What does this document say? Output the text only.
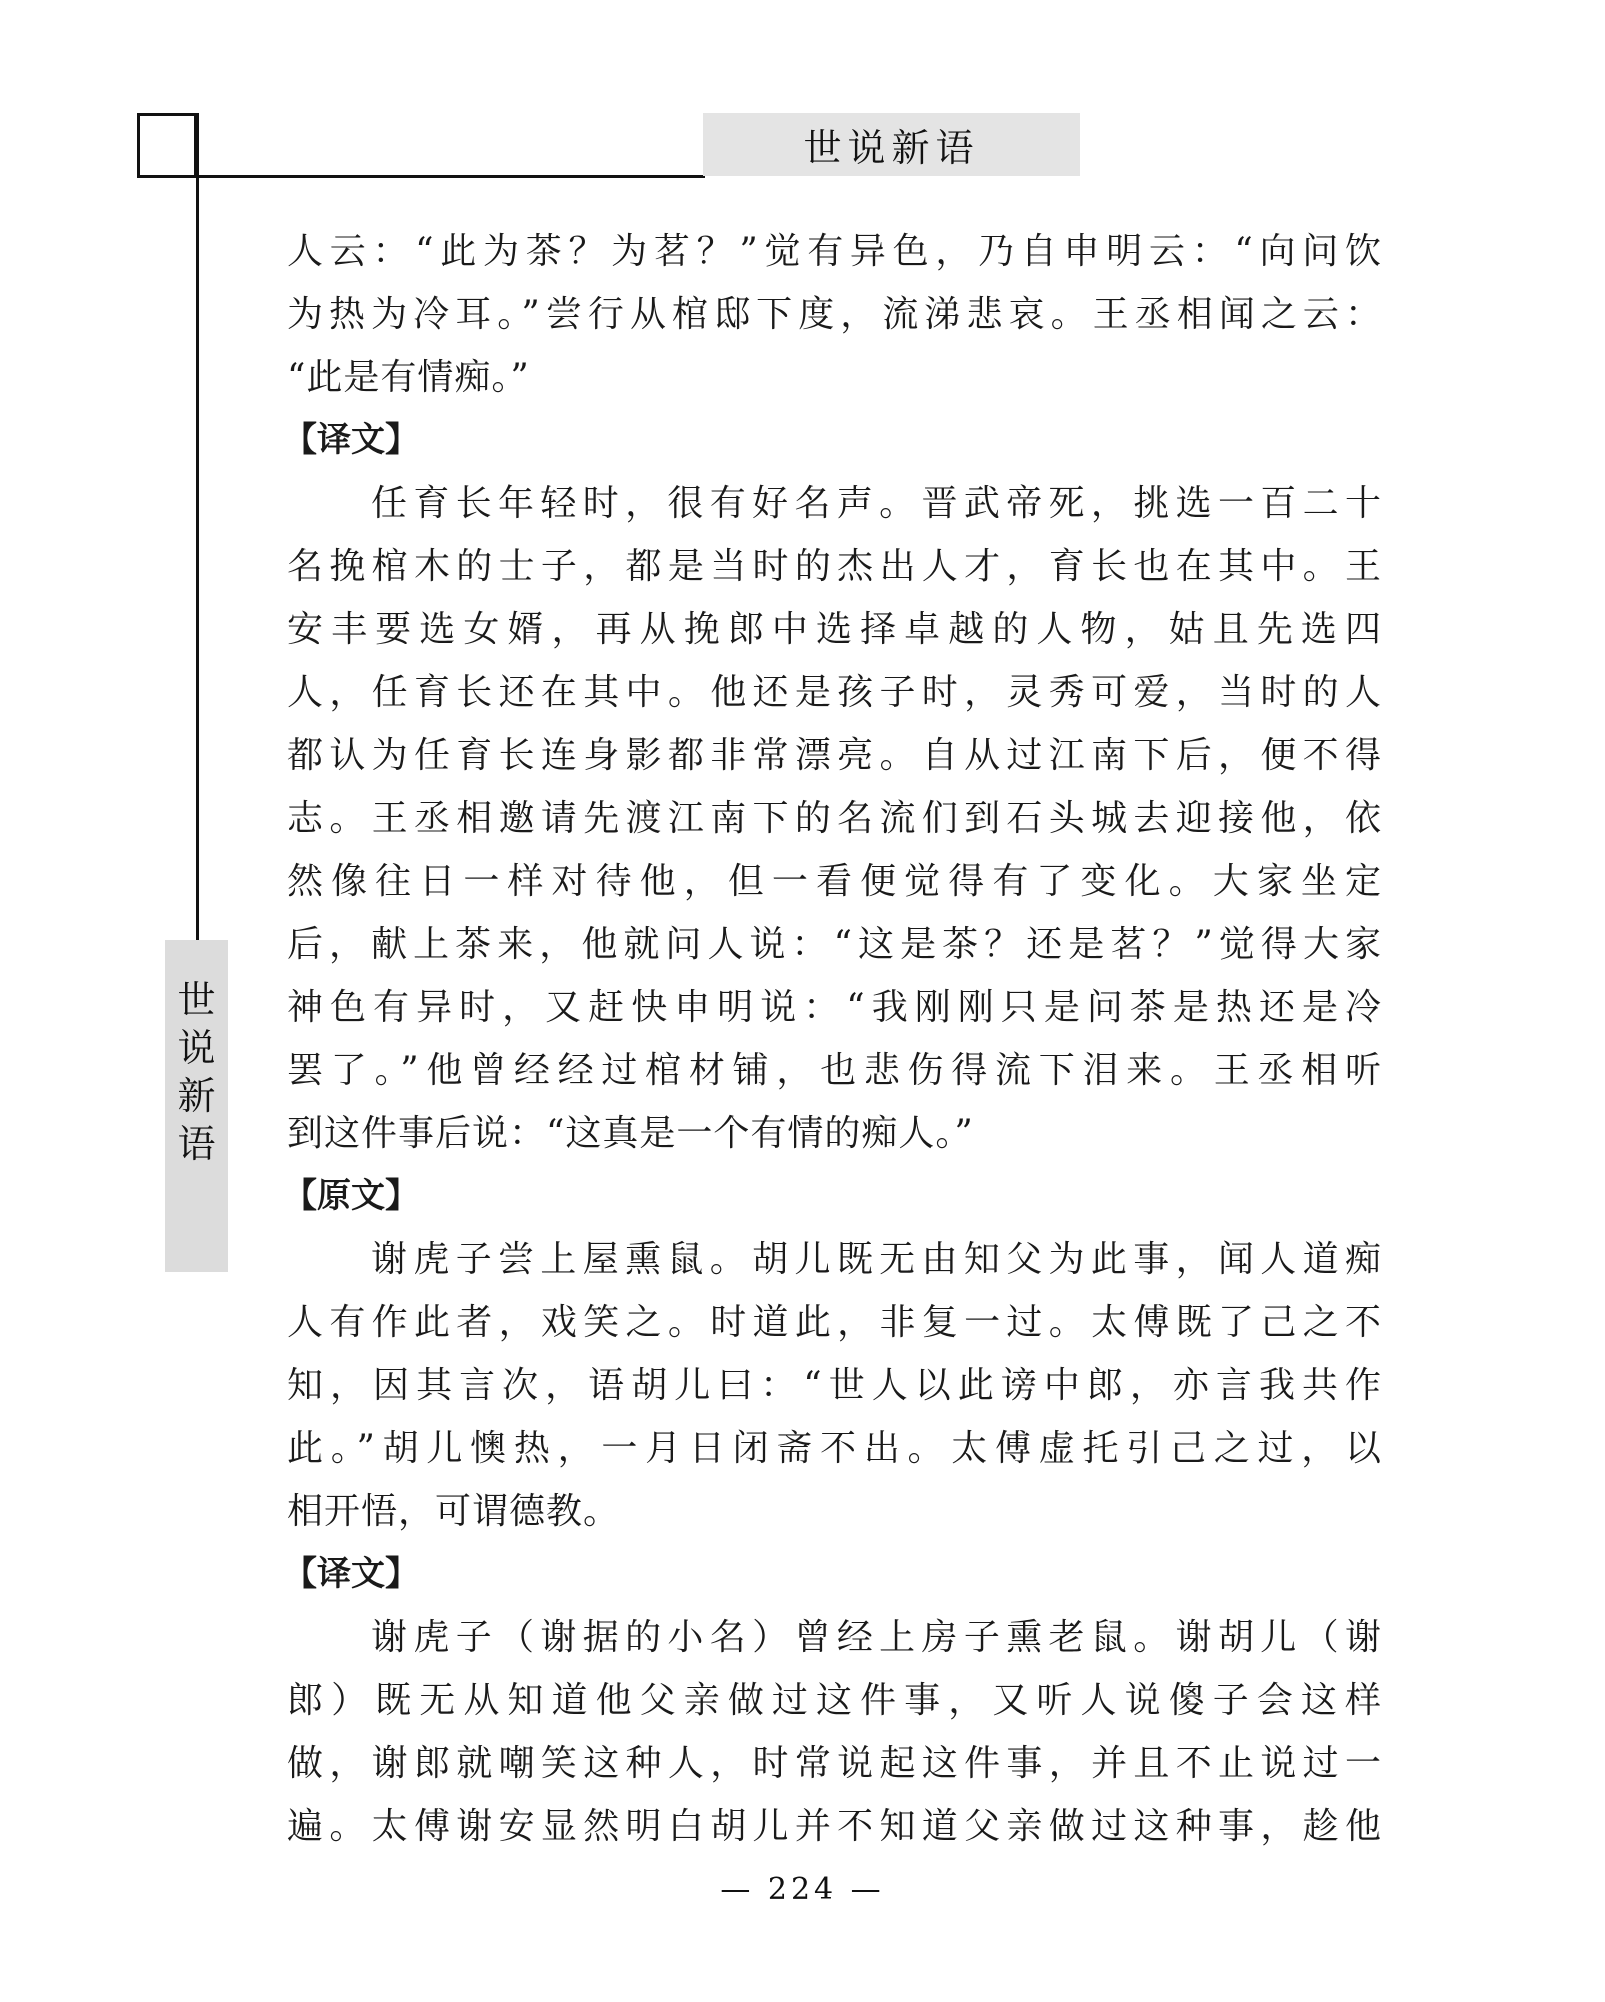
世说新语
世
说
新
语
人云：“此为茶？为茗？”觉有异色，乃自申明云：“向问饮
为热为冷耳。”尝行从棺邸下度，流涕悲哀。王丞相闻之云：
“此是有情痴。”
【译文】
任育长年轻时，很有好名声。晋武帝死，挑选一百二十
名挽棺木的士子，都是当时的杰出人才，育长也在其中。王
安丰要选女婿，再从挽郎中选择卓越的人物，姑且先选四
人，任育长还在其中。他还是孩子时，灵秀可爱，当时的人
都认为任育长连身影都非常漂亮。自从过江南下后，便不得
志。王丞相邀请先渡江南下的名流们到石头城去迎接他，依
然像往日一样对待他，但一看便觉得有了变化。大家坐定
后，献上茶来，他就问人说：“这是茶？还是茗？”觉得大家
神色有异时，又赶快申明说：“我刚刚只是问茶是热还是冷
罢了。”他曾经经过棺材铺，也悲伤得流下泪来。王丞相听
到这件事后说：“这真是一个有情的痴人。”
【原文】
谢虎子尝上屋熏鼠。胡儿既无由知父为此事，闻人道痴
人有作此者，戏笑之。时道此，非复一过。太傅既了己之不
知，因其言次，语胡儿曰：“世人以此谤中郎，亦言我共作
此。”胡儿懊热，一月日闭斋不出。太傅虚托引己之过，以
相开悟，可谓德教。
【译文】
谢虎子（谢据的小名）曾经上房子熏老鼠。谢胡儿（谢
郎）既无从知道他父亲做过这件事，又听人说傻子会这样
做，谢郎就嘲笑这种人，时常说起这件事，并且不止说过一
遍。太傅谢安显然明白胡儿并不知道父亲做过这种事，趁他
— 224 —
